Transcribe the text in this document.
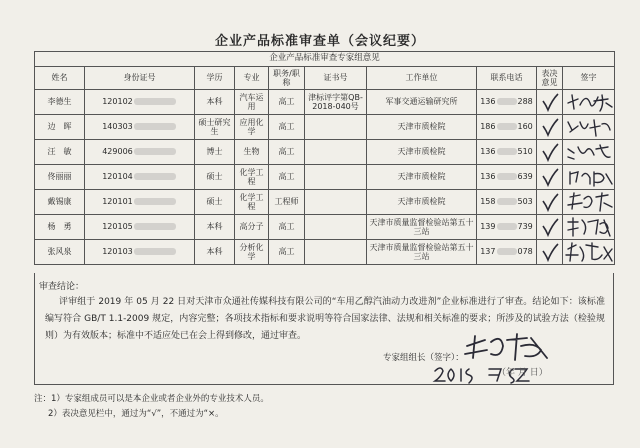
企业产品标准审查单（会议纪要）
企业产品标准审查专家组意见									
姓名	身份证号	学历	专业	职务/职称	证书号	工作单位	联系电话	表决意见	签字
李德生	120102	本科	汽车运用	高工	津标评字第QB-2018-040号	军事交通运输研究所	136 288	

边　晖	140303	硕士研究生	应用化学	高工		天津市质检院	186 160	

汪　敏	429006	博士	生物	高工		天津市质检院	136 510	

佟丽丽	120104	硕士	化学工程	高工		天津市质检院	136 639	

戴锡康	120101	硕士	化学工程	工程师		天津市质检院	158 503	

杨　勇	120105	本科	高分子	高工		天津市质量监督检验站第五十三站	139 739	

张风泉	120103	本科	分析化学	高工		天津市质量监督检验站第五十三站	137 078	

审查结论：
评审组于 2019 年 05 月 22 日对天津市众通社传媒科技有限公司的“车用乙醇汽油动力改进剂”企业标准进行了审查。结论如下：该标准编写符合 GB/T 1.1-2009 规定，内容完整；各项技术指标和要求说明等符合国家法律、法规和相关标准的要求；所涉及的试验方法（检验规则）为有效版本；标准中不适应处已在会上得到修改，通过审查。
专家组组长（签字）：
（年 月 日）
注：1）专家组成员可以是本企业或者企业外的专业技术人员。
2）表决意见栏中，通过为“√”，不通过为“×。
